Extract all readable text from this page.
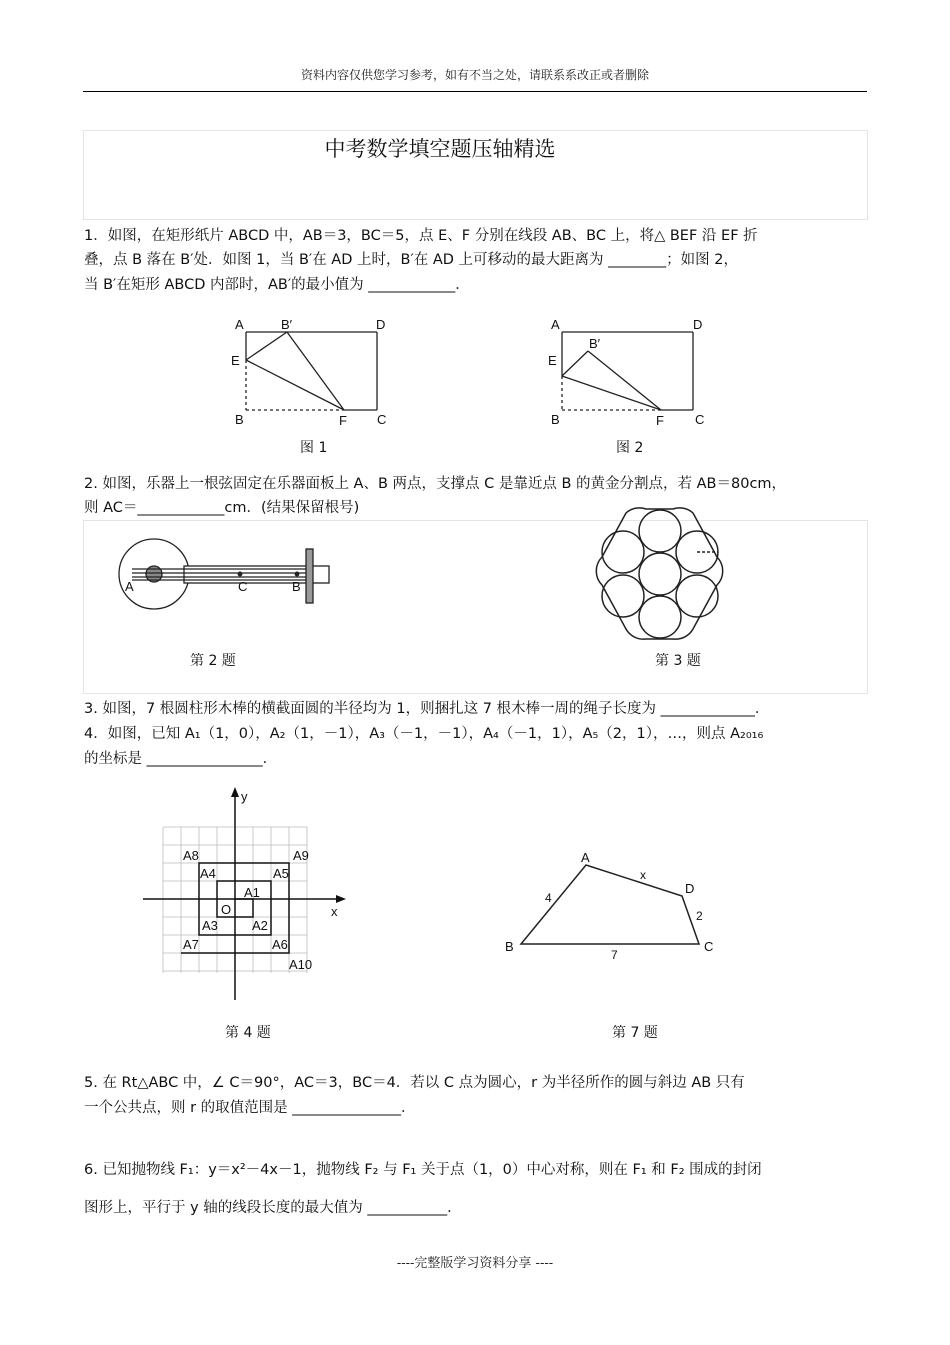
资料内容仅供您学习参考，如有不当之处，请联系系改正或者删除
中考数学填空题压轴精选
1．如图，在矩形纸片 ABCD 中，AB＝3，BC＝5，点 E、F 分别在线段 AB、BC 上，将△ BEF 沿 EF 折
叠，点 B 落在 B′处．如图 1，当 B′在 AD 上时，B′在 AD 上可移动的最大距离为 ________；如图 2，
当 B′在矩形 ABCD 内部时，AB′的最小值为 ____________．
A	B′	D
E
B	F C
图 1
A
B′
D
E
B	F C
图 2
2. 如图，乐器上一根弦固定在乐器面板上 A、B 两点，支撑点 C 是靠近点 B 的黄金分割点，若 AB＝80cm，
则 AC＝____________cm．(结果保留根号)
A	C	B
第 2 题	第 3 题
3. 如图，7 根圆柱形木棒的横截面圆的半径均为 1，则捆扎这 7 根木棒一周的绳子长度为 _____________．
4．如图，已知 A₁（1，0），A₂（1，－1），A₃（－1，－1），A₄（－1，1），A₅（2，1），…，则点 A₂₀₁₆
的坐标是 ________________．
y
x
O
A1
A2
A3
A4	A5
A6
A7
A8	A9
A10
第 4 题
A
B	C
D
x
4
2
7
第 7 题
5. 在 Rt△ABC 中，∠ C＝90°，AC＝3，BC＝4．若以 C 点为圆心，r 为半径所作的圆与斜边 AB 只有
一个公共点，则 r 的取值范围是 _______________．
6. 已知抛物线 F₁：y＝x²－4x－1，抛物线 F₂ 与 F₁ 关于点（1，0）中心对称，则在 F₁ 和 F₂ 围成的封闭
图形上，平行于 y 轴的线段长度的最大值为 ___________．
----完整版学习资料分享 ----
